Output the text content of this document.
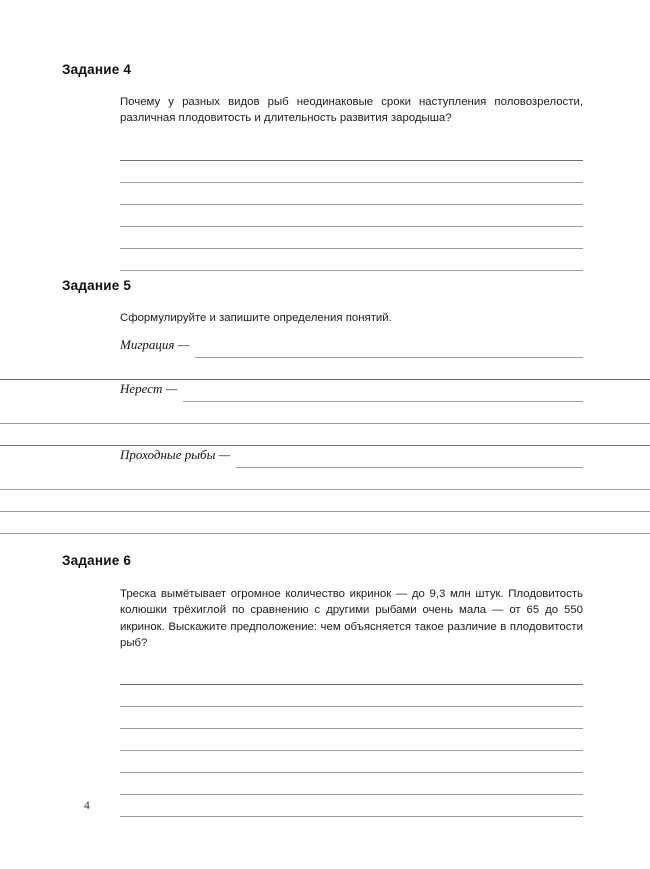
Задание 4

Почему у разных видов рыб неодинаковые сроки наступления половозрелости, различная плодовитость и длительность развития зародыша?

Задание 5

Сформулируйте и запишите определения понятий.

Миграция —
Нерест —
Проходные рыбы —
Задание 6

Треска вымётывает огромное количество икринок — до 9,3 млн штук. Плодовитость колюшки трёхиглой по сравнению с другими рыбами очень мала — от 65 до 550 икринок. Выскажите предположение: чем объясняется такое различие в плодовитости рыб?

4
